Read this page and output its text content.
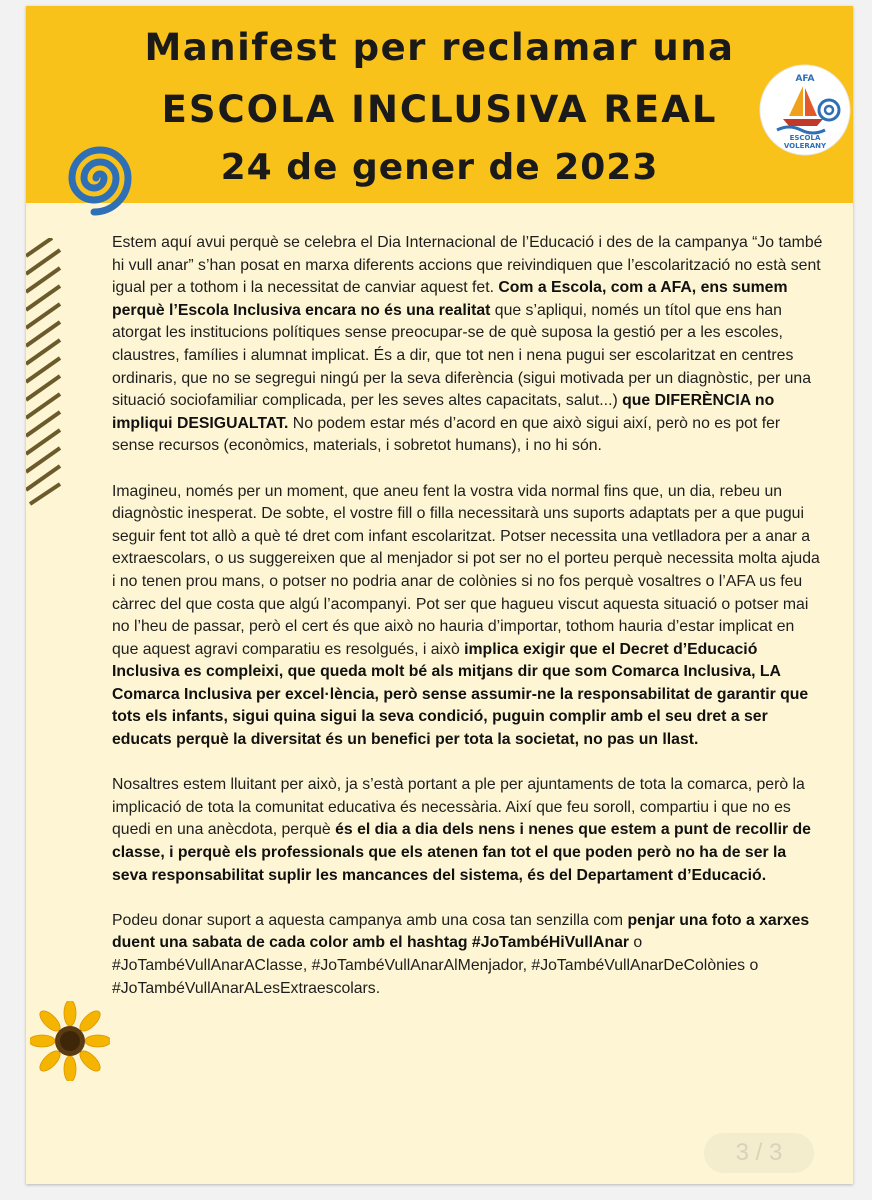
Manifest per reclamar una
ESCOLA INCLUSIVA REAL
24 de gener de 2023
AFA
ESCOLA
VOLERANY

Estem aquí avui perquè se celebra el Dia Internacional de l’Educació i des de la campanya “Jo també hi vull anar” s’han posat en marxa diferents accions que reivindiquen que l’escolarització no està sent igual per a tothom i la necessitat de canviar aquest fet. Com a Escola, com a AFA, ens sumem perquè l’Escola Inclusiva encara no és una realitat que s’apliqui, només un títol que ens han atorgat les institucions polítiques sense preocupar-se de què suposa la gestió per a les escoles, claustres, famílies i alumnat implicat. És a dir, que tot nen i nena pugui ser escolaritzat en centres ordinaris, que no se segregui ningú per la seva diferència (sigui motivada per un diagnòstic, per una situació sociofamiliar complicada, per les seves altes capacitats, salut...) que DIFERÈNCIA no impliqui DESIGUALTAT. No podem estar més d’acord en que això sigui així, però no es pot fer sense recursos (econòmics, materials, i sobretot humans), i no hi són.

Imagineu, només per un moment, que aneu fent la vostra vida normal fins que, un dia, rebeu un diagnòstic inesperat. De sobte, el vostre fill o filla necessitarà uns suports adaptats per a que pugui seguir fent tot allò a què té dret com infant escolaritzat. Potser necessita una vetlladora per a anar a extraescolars, o us suggereixen que al menjador si pot ser no el porteu perquè necessita molta ajuda i no tenen prou mans, o potser no podria anar de colònies si no fos perquè vosaltres o l’AFA us feu càrrec del que costa que algú l’acompanyi. Pot ser que hagueu viscut aquesta situació o potser mai no l’heu de passar, però el cert és que això no hauria d’importar, tothom hauria d’estar implicat en que aquest agravi comparatiu es resolgués, i això implica exigir que el Decret d’Educació Inclusiva es compleixi, que queda molt bé als mitjans dir que som Comarca Inclusiva, LA Comarca Inclusiva per excel·lència, però sense assumir-ne la responsabilitat de garantir que tots els infants, sigui quina sigui la seva condició, puguin complir amb el seu dret a ser educats perquè la diversitat és un benefici per tota la societat, no pas un llast.

Nosaltres estem lluitant per això, ja s’està portant a ple per ajuntaments de tota la comarca, però la implicació de tota la comunitat educativa és necessària. Així que feu soroll, compartiu i que no es quedi en una anècdota, perquè és el dia a dia dels nens i nenes que estem a punt de recollir de classe, i perquè els professionals que els atenen fan tot el que poden però no ha de ser la seva responsabilitat suplir les mancances del sistema, és del Departament d’Educació.

Podeu donar suport a aquesta campanya amb una cosa tan senzilla com penjar una foto a xarxes duent una sabata de cada color amb el hashtag #JoTambéHiVullAnar o #JoTambéVullAnarAClasse, #JoTambéVullAnarAlMenjador, #JoTambéVullAnarDeColònies o #JoTambéVullAnarALesExtraescolars.

3 / 3
